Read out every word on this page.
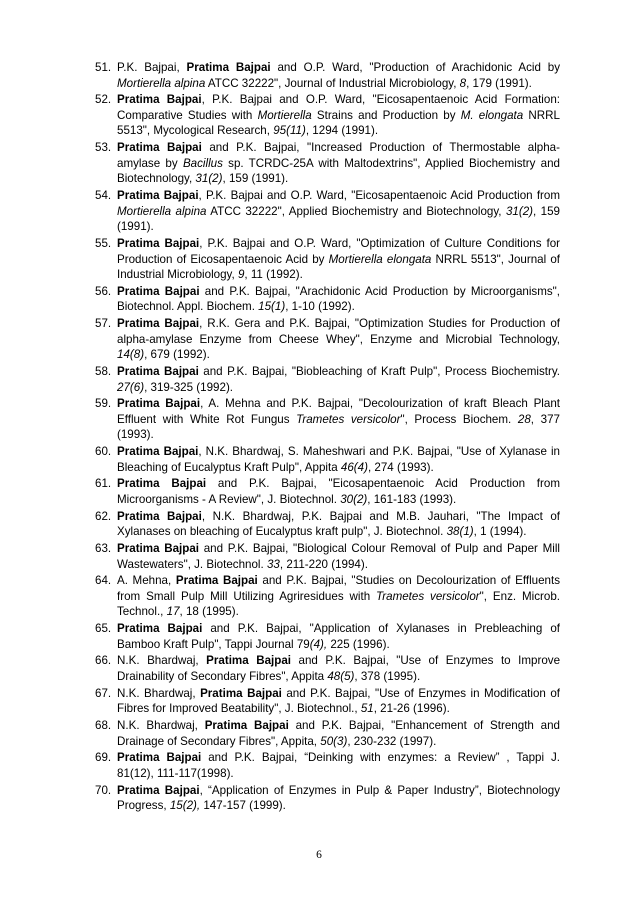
51. P.K. Bajpai, Pratima Bajpai and O.P. Ward, "Production of Arachidonic Acid by
Mortierella alpina ATCC 32222", Journal of Industrial Microbiology, 8, 179 (1991).
52. Pratima Bajpai, P.K. Bajpai and O.P. Ward, "Eicosapentaenoic Acid Formation:
Comparative Studies with Mortierella Strains and Production by M. elongata NRRL
5513", Mycological Research, 95(11), 1294 (1991).
53. Pratima Bajpai and P.K. Bajpai, "Increased Production of Thermostable alpha-
amylase by Bacillus sp. TCRDC-25A with Maltodextrins", Applied Biochemistry and
Biotechnology, 31(2), 159 (1991).
54. Pratima Bajpai, P.K. Bajpai and O.P. Ward, "Eicosapentaenoic Acid Production from
Mortierella alpina ATCC 32222", Applied Biochemistry and Biotechnology, 31(2), 159
(1991).
55. Pratima Bajpai, P.K. Bajpai and O.P. Ward, "Optimization of Culture Conditions for
Production of Eicosapentaenoic Acid by Mortierella elongata NRRL 5513", Journal of
Industrial Microbiology, 9, 11 (1992).
56. Pratima Bajpai and P.K. Bajpai, "Arachidonic Acid Production by Microorganisms",
Biotechnol. Appl. Biochem. 15(1), 1-10 (1992).
57. Pratima Bajpai, R.K. Gera and P.K. Bajpai, "Optimization Studies for Production of
alpha-amylase Enzyme from Cheese Whey", Enzyme and Microbial Technology,
14(8), 679 (1992).
58. Pratima Bajpai and P.K. Bajpai, "Biobleaching of Kraft Pulp", Process Biochemistry.
27(6), 319-325 (1992).
59. Pratima Bajpai, A. Mehna and P.K. Bajpai, "Decolourization of kraft Bleach Plant
Effluent with White Rot Fungus Trametes versicolor", Process Biochem. 28, 377
(1993).
60. Pratima Bajpai, N.K. Bhardwaj, S. Maheshwari and P.K. Bajpai, "Use of Xylanase in
Bleaching of Eucalyptus Kraft Pulp", Appita 46(4), 274 (1993).
61. Pratima Bajpai and P.K. Bajpai, "Eicosapentaenoic Acid Production from
Microorganisms - A Review", J. Biotechnol. 30(2), 161-183 (1993).
62. Pratima Bajpai, N.K. Bhardwaj, P.K. Bajpai and M.B. Jauhari, "The Impact of
Xylanases on bleaching of Eucalyptus kraft pulp", J. Biotechnol. 38(1), 1 (1994).
63. Pratima Bajpai and P.K. Bajpai, "Biological Colour Removal of Pulp and Paper Mill
Wastewaters", J. Biotechnol. 33, 211-220 (1994).
64. A. Mehna, Pratima Bajpai and P.K. Bajpai, "Studies on Decolourization of Effluents
from Small Pulp Mill Utilizing Agriresidues with Trametes versicolor", Enz. Microb.
Technol., 17, 18 (1995).
65. Pratima Bajpai and P.K. Bajpai, "Application of Xylanases in Prebleaching of
Bamboo Kraft Pulp", Tappi Journal 79(4), 225 (1996).
66. N.K. Bhardwaj, Pratima Bajpai and P.K. Bajpai, "Use of Enzymes to Improve
Drainability of Secondary Fibres", Appita 48(5), 378 (1995).
67. N.K. Bhardwaj, Pratima Bajpai and P.K. Bajpai, "Use of Enzymes in Modification of
Fibres for Improved Beatability", J. Biotechnol., 51, 21-26 (1996).
68. N.K. Bhardwaj, Pratima Bajpai and P.K. Bajpai, "Enhancement of Strength and
Drainage of Secondary Fibres", Appita, 50(3), 230-232 (1997).
69. Pratima Bajpai and P.K. Bajpai, “Deinking with enzymes: a Review” , Tappi J.
81(12), 111-117(1998).
70. Pratima Bajpai, “Application of Enzymes in Pulp & Paper Industry”, Biotechnology
Progress, 15(2), 147-157 (1999).
6
